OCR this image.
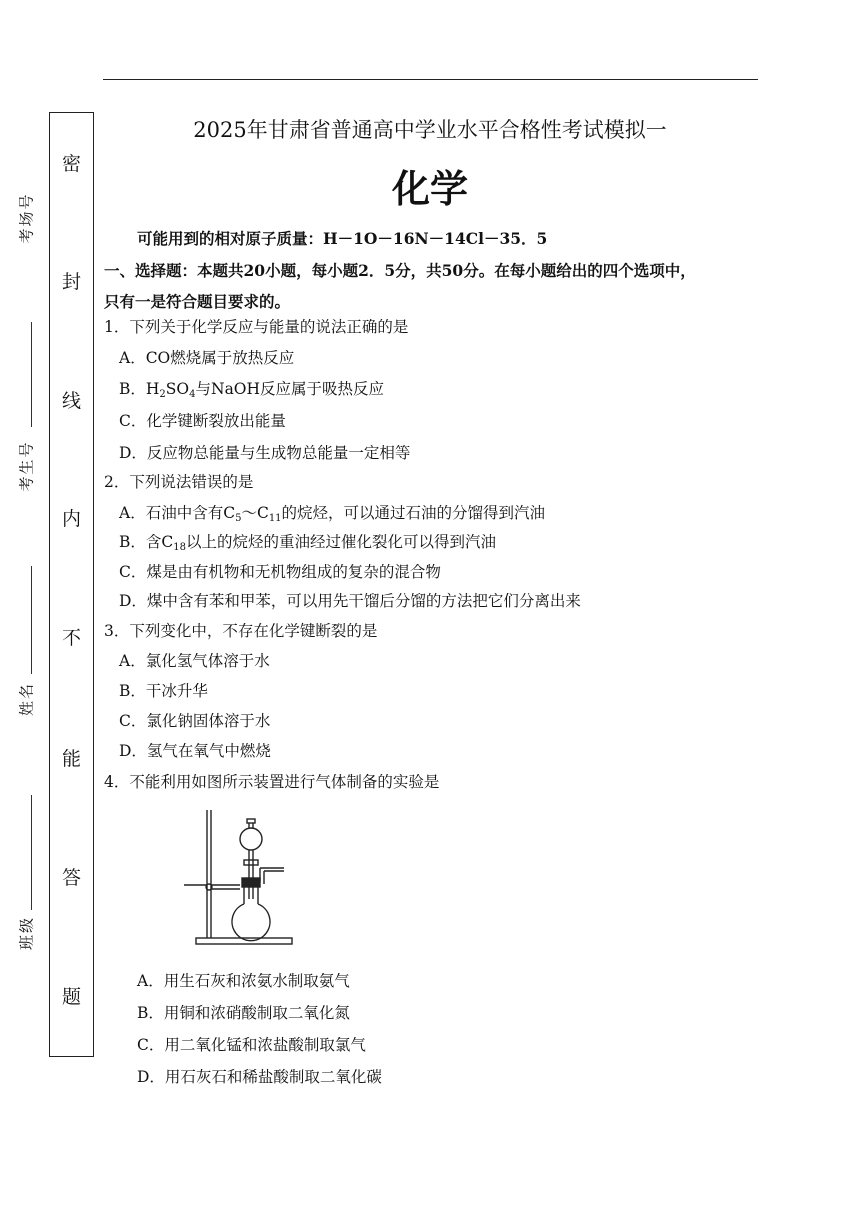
考场号
考生号
姓名
班级
密
封
线
内
不
能
答
题
2025年甘肃省普通高中学业水平合格性考试模拟一
化学
可能用到的相对原子质量：H－1O－16N－14Cl－35．5
一、选择题：本题共20小题，每小题2．5分，共50分。在每小题给出的四个选项中，
只有一是符合题目要求的。
1．下列关于化学反应与能量的说法正确的是
A．CO燃烧属于放热反应
B．$H_2SO_4$与NaOH反应属于吸热反应
C．化学键断裂放出能量
D．反应物总能量与生成物总能量一定相等
2．下列说法错误的是
A．石油中含有$C_5\sim C_{11}$的烷烃，可以通过石油的分馏得到汽油
B．含$C_{18}$以上的烷烃的重油经过催化裂化可以得到汽油
C．煤是由有机物和无机物组成的复杂的混合物
D．煤中含有苯和甲苯，可以用先干馏后分馏的方法把它们分离出来
3．下列变化中，不存在化学键断裂的是
A．氯化氢气体溶于水
B．干冰升华
C．氯化钠固体溶于水
D．氢气在氧气中燃烧
4．不能利用如图所示装置进行气体制备的实验是
A．用生石灰和浓氨水制取氨气
B．用铜和浓硝酸制取二氧化氮
C．用二氧化锰和浓盐酸制取氯气
D．用石灰石和稀盐酸制取二氧化碳
